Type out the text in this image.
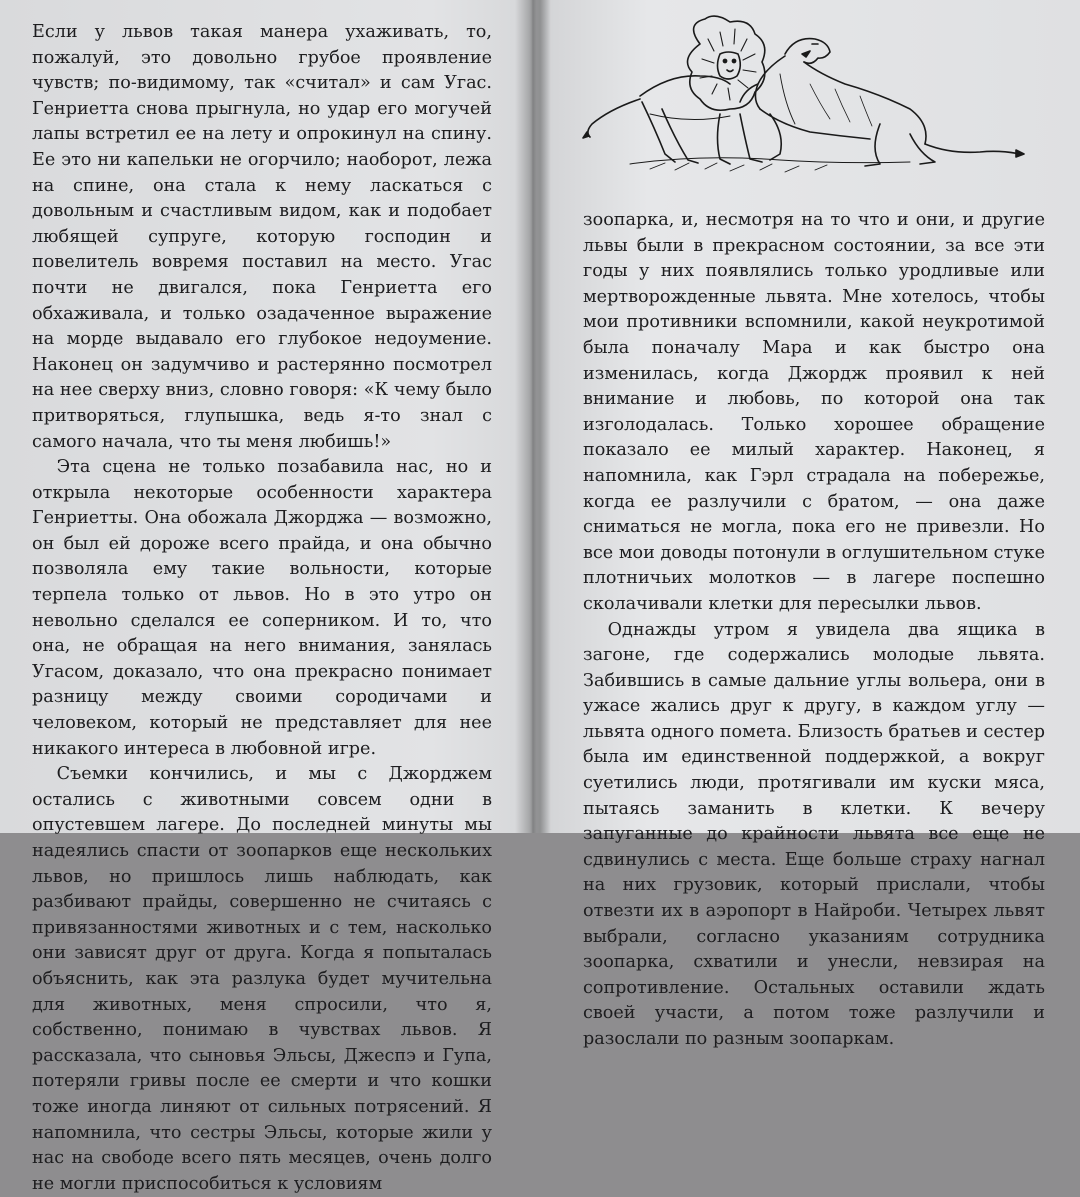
Если у львов такая манера ухаживать, то, пожалуй, это довольно грубое проявление чувств; по-видимому, так «считал» и сам Угас. Генриетта снова прыгнула, но удар его могучей лапы встретил ее на лету и опрокинул на спину. Ее это ни капельки не огорчило; наоборот, лежа на спине, она стала к нему ласкаться с довольным и счастливым видом, как и подобает любящей супруге, которую господин и повелитель вовремя поставил на место. Угас почти не двигался, пока Генриетта его обхаживала, и только озадаченное выражение на морде выдавало его глубокое недоумение. Наконец он задумчиво и растерянно посмотрел на нее сверху вниз, словно говоря: «К чему было притворяться, глупышка, ведь я-то знал с самого начала, что ты меня любишь!»

Эта сцена не только позабавила нас, но и открыла некоторые особенности характера Генриетты. Она обожала Джорджа — возможно, он был ей дороже всего прайда, и она обычно позволяла ему такие вольности, которые терпела только от львов. Но в это утро он невольно сделался ее соперником. И то, что она, не обращая на него внимания, занялась Угасом, доказало, что она прекрасно понимает разницу между своими сородичами и человеком, который не представляет для нее никакого интереса в любовной игре.

Съемки кончились, и мы с Джорджем остались с животными совсем одни в опустевшем лагере. До последней минуты мы надеялись спасти от зоопарков еще нескольких львов, но пришлось лишь наблюдать, как разбивают прайды, совершенно не считаясь с привязанностями животных и с тем, насколько они зависят друг от друга. Когда я попыталась объяснить, как эта разлука будет мучительна для животных, меня спросили, что я, собственно, понимаю в чувствах львов. Я рассказала, что сыновья Эльсы, Джеспэ и Гупа, потеряли гривы после ее смерти и что кошки тоже иногда линяют от сильных потрясений. Я напомнила, что сестры Эльсы, которые жили у нас на свободе всего пять месяцев, очень долго не могли приспособиться к условиям

зоопарка, и, несмотря на то что и они, и другие львы были в прекрасном состоянии, за все эти годы у них появлялись только уродливые или мертворожденные львята. Мне хотелось, чтобы мои противники вспомнили, какой неукротимой была поначалу Мара и как быстро она изменилась, когда Джордж проявил к ней внимание и любовь, по которой она так изголодалась. Только хорошее обращение показало ее милый характер. Наконец, я напомнила, как Гэрл страдала на побережье, когда ее разлучили с братом, — она даже сниматься не могла, пока его не привезли. Но все мои доводы потонули в оглушительном стуке плотничьих молотков — в лагере поспешно сколачивали клетки для пересылки львов.

Однажды утром я увидела два ящика в загоне, где содержались молодые львята. Забившись в самые дальние углы вольера, они в ужасе жались друг к другу, в каждом углу — львята одного помета. Близость братьев и сестер была им единственной поддержкой, а вокруг суетились люди, протягивали им куски мяса, пытаясь заманить в клетки. К вечеру запуганные до крайности львята все еще не сдвинулись с места. Еще больше страху нагнал на них грузовик, который прислали, чтобы отвезти их в аэропорт в Найроби. Четырех львят выбрали, согласно указаниям сотрудника зоопарка, схватили и унесли, невзирая на сопротивление. Остальных оставили ждать своей участи, а потом тоже разлучили и разослали по разным зоопаркам.
